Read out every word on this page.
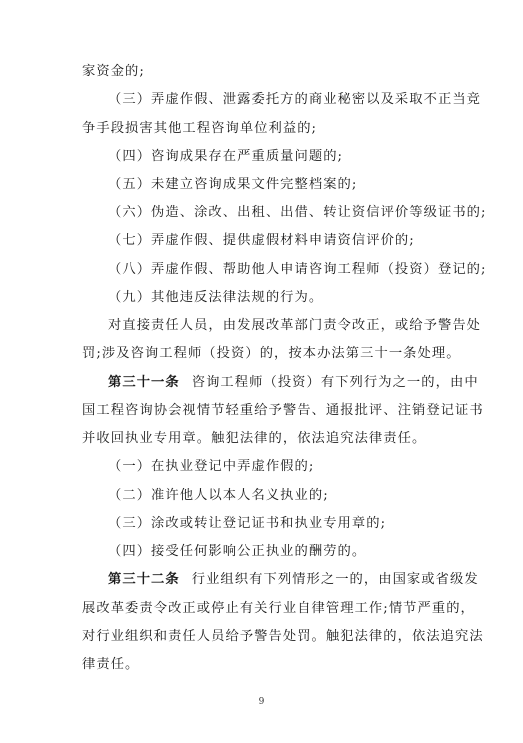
家资金的;
（三）弄虚作假、泄露委托方的商业秘密以及采取不正当竞
争手段损害其他工程咨询单位利益的;
（四）咨询成果存在严重质量问题的;
（五）未建立咨询成果文件完整档案的;
（六）伪造、涂改、出租、出借、转让资信评价等级证书的;
（七）弄虚作假、提供虚假材料申请资信评价的;
（八）弄虚作假、帮助他人申请咨询工程师（投资）登记的;
（九）其他违反法律法规的行为。
对直接责任人员，由发展改革部门责令改正，或给予警告处
罚;涉及咨询工程师（投资）的，按本办法第三十一条处理。
第三十一条 咨询工程师（投资）有下列行为之一的，由中
国工程咨询协会视情节轻重给予警告、通报批评、注销登记证书
并收回执业专用章。触犯法律的，依法追究法律责任。
（一）在执业登记中弄虚作假的;
（二）准许他人以本人名义执业的;
（三）涂改或转让登记证书和执业专用章的;
（四）接受任何影响公正执业的酬劳的。
第三十二条 行业组织有下列情形之一的，由国家或省级发
展改革委责令改正或停止有关行业自律管理工作;情节严重的，
对行业组织和责任人员给予警告处罚。触犯法律的，依法追究法
律责任。
9
